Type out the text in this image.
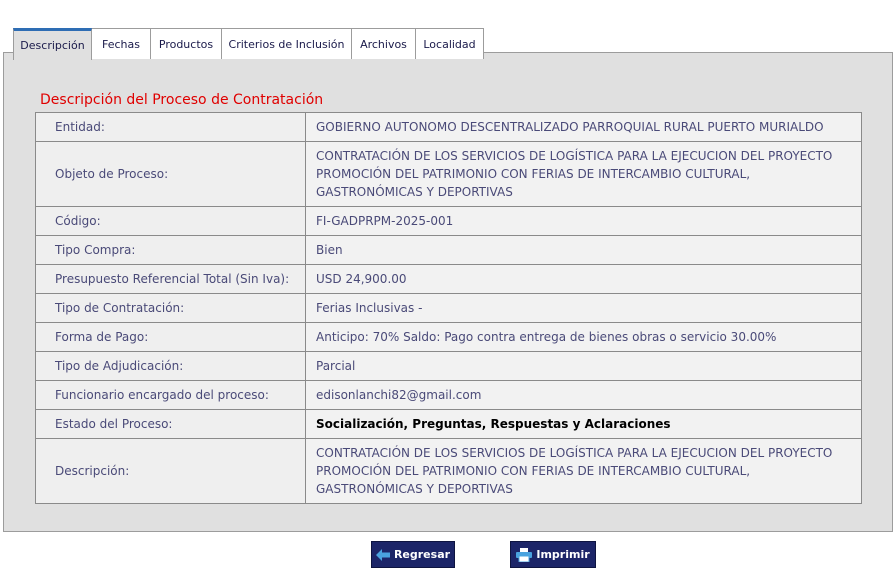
Descripción	Fechas	Productos	Criterios de Inclusión	Archivos	Localidad
Descripción del Proceso de Contratación
Entidad:	GOBIERNO AUTONOMO DESCENTRALIZADO PARROQUIAL RURAL PUERTO MURIALDO
Objeto de Proceso:	CONTRATACIÓN DE LOS SERVICIOS DE LOGÍSTICA PARA LA EJECUCION DEL PROYECTO PROMOCIÓN DEL PATRIMONIO CON FERIAS DE INTERCAMBIO CULTURAL, GASTRONÓMICAS Y DEPORTIVAS
Código:	FI-GADPRPM-2025-001
Tipo Compra:	Bien
Presupuesto Referencial Total (Sin Iva):	USD 24,900.00
Tipo de Contratación:	Ferias Inclusivas -
Forma de Pago:	Anticipo: 70% Saldo: Pago contra entrega de bienes obras o servicio 30.00%
Tipo de Adjudicación:	Parcial
Funcionario encargado del proceso:	edisonlanchi82@gmail.com
Estado del Proceso:	Socialización, Preguntas, Respuestas y Aclaraciones
Descripción:	CONTRATACIÓN DE LOS SERVICIOS DE LOGÍSTICA PARA LA EJECUCION DEL PROYECTO PROMOCIÓN DEL PATRIMONIO CON FERIAS DE INTERCAMBIO CULTURAL, GASTRONÓMICAS Y DEPORTIVAS
Regresar	Imprimir
